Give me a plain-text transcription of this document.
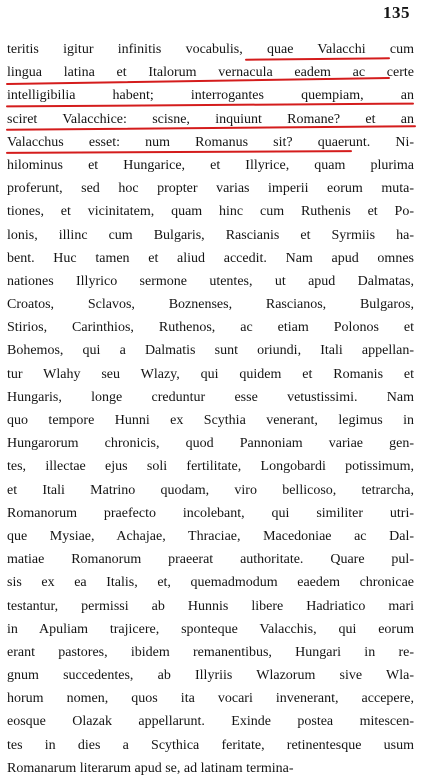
135
teritis igitur infinitis vocabulis, quae Valacchi cum
lingua latina et Italorum vernacula eadem ac certe
intelligibilia habent; interrogantes quempiam, an
sciret Valacchice: scisne, inquiunt Romane? et an
Valacchus esset: num Romanus sit? quaerunt. Ni-
hilominus et Hungarice, et Illyrice, quam plurima
proferunt, sed hoc propter varias imperii eorum muta-
tiones, et vicinitatem, quam hinc cum Ruthenis et Po-
lonis, illinc cum Bulgaris, Rascianis et Syrmiis ha-
bent. Huc tamen et aliud accedit. Nam apud omnes
nationes Illyrico sermone utentes, ut apud Dalmatas,
Croatos, Sclavos, Boznenses, Rascianos, Bulgaros,
Stirios, Carinthios, Ruthenos, ac etiam Polonos et
Bohemos, qui a Dalmatis sunt oriundi, Itali appellan-
tur Wlahy seu Wlazy, qui quidem et Romanis et
Hungaris, longe creduntur esse vetustissimi. Nam
quo tempore Hunni ex Scythia venerant, legimus in
Hungarorum chronicis, quod Pannoniam variae gen-
tes, illectae ejus soli fertilitate, Longobardi potissimum,
et Itali Matrino quodam, viro bellicoso, tetrarcha,
Romanorum praefecto incolebant, qui similiter utri-
que Mysiae, Achajae, Thraciae, Macedoniae ac Dal-
matiae Romanorum praeerat authoritate. Quare pul-
sis ex ea Italis, et, quemadmodum eaedem chronicae
testantur, permissi ab Hunnis libere Hadriatico mari
in Apuliam trajicere, sponteque Valacchis, qui eorum
erant pastores, ibidem remanentibus, Hungari in re-
gnum succedentes, ab Illyriis Wlazorum sive Wla-
horum nomen, quos ita vocari invenerant, accepere,
eosque Olazak appellarunt. Exinde postea mitescen-
tes in dies a Scythica feritate, retinentesque usum
Romanarum literarum apud se, ad latinam termina-
